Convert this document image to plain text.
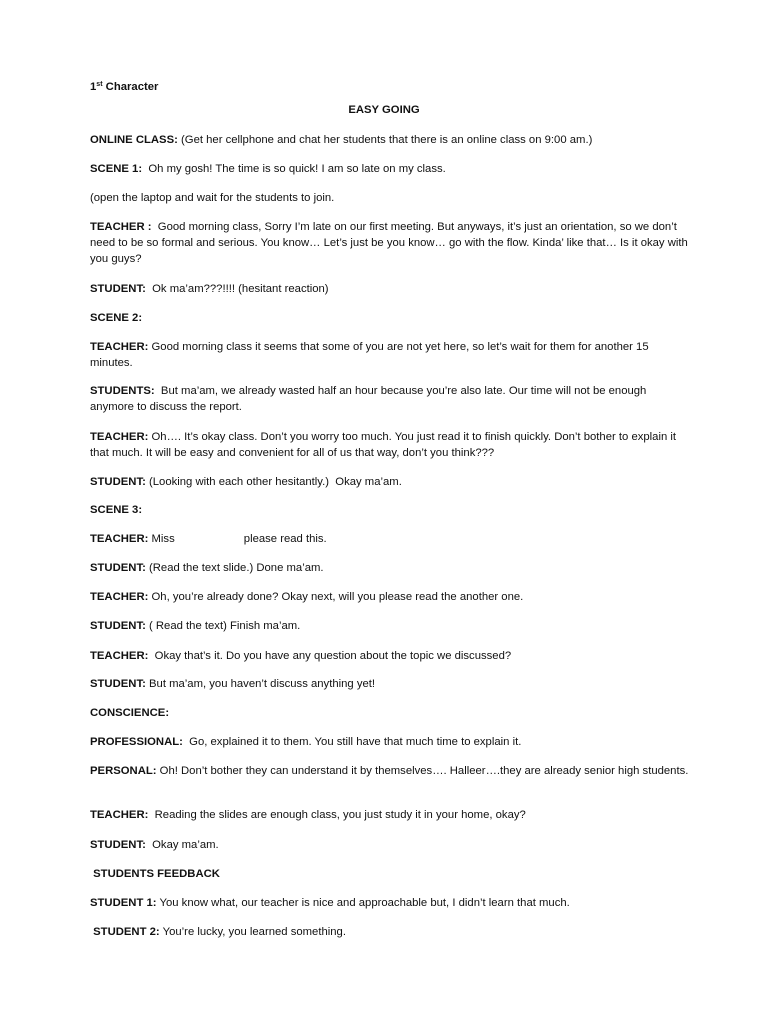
1st Character
EASY GOING
ONLINE CLASS: (Get her cellphone and chat her students that there is an online class on 9:00 am.)
SCENE 1:  Oh my gosh! The time is so quick! I am so late on my class.
(open the laptop and wait for the students to join.
TEACHER :  Good morning class, Sorry I’m late on our first meeting. But anyways, it’s just an orientation, so we don’t need to be so formal and serious. You know… Let’s just be you know… go with the flow. Kinda’ like that… Is it okay with you guys?
STUDENT:  Ok ma’am???!!!! (hesitant reaction)
SCENE 2:
TEACHER: Good morning class it seems that some of you are not yet here, so let’s wait for them for another 15 minutes.
STUDENTS:  But ma’am, we already wasted half an hour because you’re also late. Our time will not be enough anymore to discuss the report.
TEACHER: Oh…. It’s okay class. Don’t you worry too much. You just read it to finish quickly. Don’t bother to explain it that much. It will be easy and convenient for all of us that way, don’t you think???
STUDENT: (Looking with each other hesitantly.)  Okay ma’am.
SCENE 3:
TEACHER: Miss                      please read this.
STUDENT: (Read the text slide.) Done ma’am.
TEACHER: Oh, you’re already done? Okay next, will you please read the another one.
STUDENT: ( Read the text) Finish ma’am.
TEACHER:  Okay that’s it. Do you have any question about the topic we discussed?
STUDENT: But ma’am, you haven’t discuss anything yet!
CONSCIENCE:
PROFESSIONAL:  Go, explained it to them. You still have that much time to explain it.
PERSONAL: Oh! Don’t bother they can understand it by themselves…. Halleer….they are already senior high students.
TEACHER:  Reading the slides are enough class, you just study it in your home, okay?
STUDENT:  Okay ma’am.
STUDENTS FEEDBACK
STUDENT 1: You know what, our teacher is nice and approachable but, I didn’t learn that much.
STUDENT 2: You’re lucky, you learned something.
